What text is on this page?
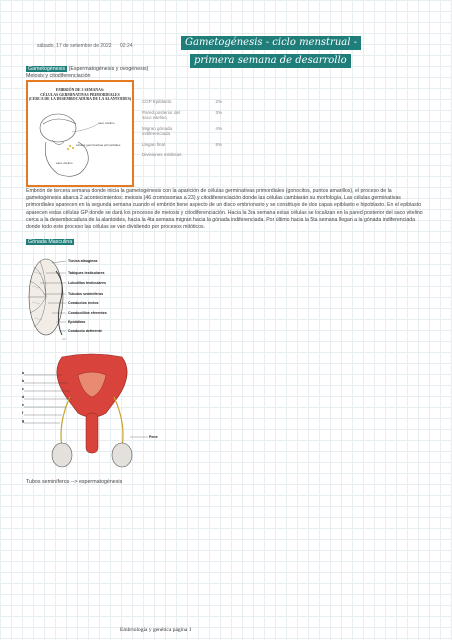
sábado, 17 de setiembre de 2022 02:24	Gametogénesis - ciclo menstrual -
primera semana de desarrollo
Gametogénesis (Espermatogénesis y ovogénesis)
Meiosis y citodiferenciación
EMBRIÓN DE 3 SEMANAS:
CÉLULAS GERMINATIVAS PRIMORDIALES
(CERCA DE LA DESEMBOCADURA DE LA ALANTOIDES)
saco vitelino
células germinativas primordiales
saco vitelino
CGP Epiblasto	2%
Pared posterior del saco vitelino
3%
Migran gónada indiferenciada
4%
Llegan final	5%
Divisiones mitóticas
Embrión de tercera semana donde inicia la gametogénesis con la aparición de células germinativas primordiales (gonocitos, puntos amarillos), el proceso de la gametogénesis abarca 2 acontecimientos: meiosis (46 cromosomas a 23) y citodiferenciación donde las células cambiarán su morfología. Las células germinativas primordiales aparecen en la segunda semana cuando el embrión tiene aspecto de un disco embrionario y se constituye de dos capas epiblasto e hipoblasto. En el epiblasto aparecen estas células GP donde se dará los procesos de meiosis y citodiferenciación. Hacia la 3ra semana estas células se localizan en la pared posterior del saco vitelino cerca a la desembocadura de la alantoides, hacia la 4ta semana migran hacia la gónada indiferenciada. Por último hacia la 5ta semana llegan a la gónada indiferenciada donde todo este proceso las células se van dividiendo por procesos mitóticos.
Gónada Masculina
Túnica albugínea
Tabiques testiculares
Lobulillos testiculares
Túbulos seminíferos
Conductos rectos
Conductillos eferentes
Epidídimo
Conducto deferente
a
b
c
d
e
f
g
Pene
Tubos seminíferos --> espermatogénesis
Embriología y genética página 1
